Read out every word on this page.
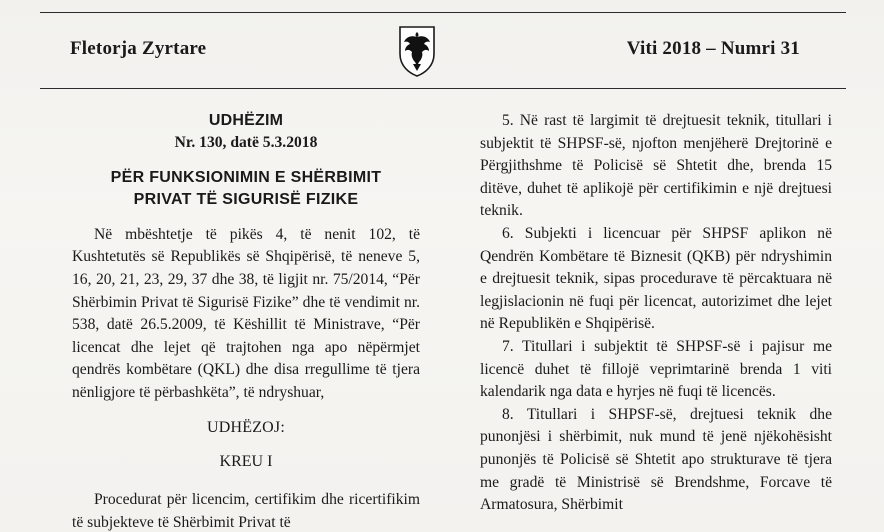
Fletorja Zyrtare	Viti 2018 – Numri 31
UDHËZIM
Nr. 130, datë 5.3.2018
PËR FUNKSIONIMIN E SHËRBIMIT
PRIVAT TË SIGURISË FIZIKE

Në mbështetje të pikës 4, të nenit 102, të Kushtetutës së Republikës së Shqipërisë, të neneve 5, 16, 20, 21, 23, 29, 37 dhe 38, të ligjit nr. 75/2014, “Për Shërbimin Privat të Sigurisë Fizike” dhe të vendimit nr. 538, datë 26.5.2009, të Këshillit të Ministrave, “Për licencat dhe lejet që trajtohen nga apo nëpërmjet qendrës kombëtare (QKL) dhe disa rregullime të tjera nënligjore të përbashkëta”, të ndryshuar,

UDHËZOJ:
KREU I

Procedurat për licencim, certifikim dhe ricertifikim të subjekteve të Shërbimit Privat të

5. Në rast të largimit të drejtuesit teknik, titullari i subjektit të SHPSF-së, njofton menjëherë Drejtorinë e Përgjithshme të Policisë së Shtetit dhe, brenda 15 ditëve, duhet të aplikojë për certifikimin e një drejtuesi teknik.

6. Subjekti i licencuar për SHPSF aplikon në Qendrën Kombëtare të Biznesit (QKB) për ndryshimin e drejtuesit teknik, sipas procedurave të përcaktuara në legjislacionin në fuqi për licencat, autorizimet dhe lejet në Republikën e Shqipërisë.

7. Titullari i subjektit të SHPSF-së i pajisur me licencë duhet të fillojë veprimtarinë brenda 1 viti kalendarik nga data e hyrjes në fuqi të licencës.

8. Titullari i SHPSF-së, drejtuesi teknik dhe punonjësi i shërbimit, nuk mund të jenë njëkohësisht punonjës të Policisë së Shtetit apo strukturave të tjera me gradë të Ministrisë së Brendshme, Forcave të Armatosura, Shërbimit
